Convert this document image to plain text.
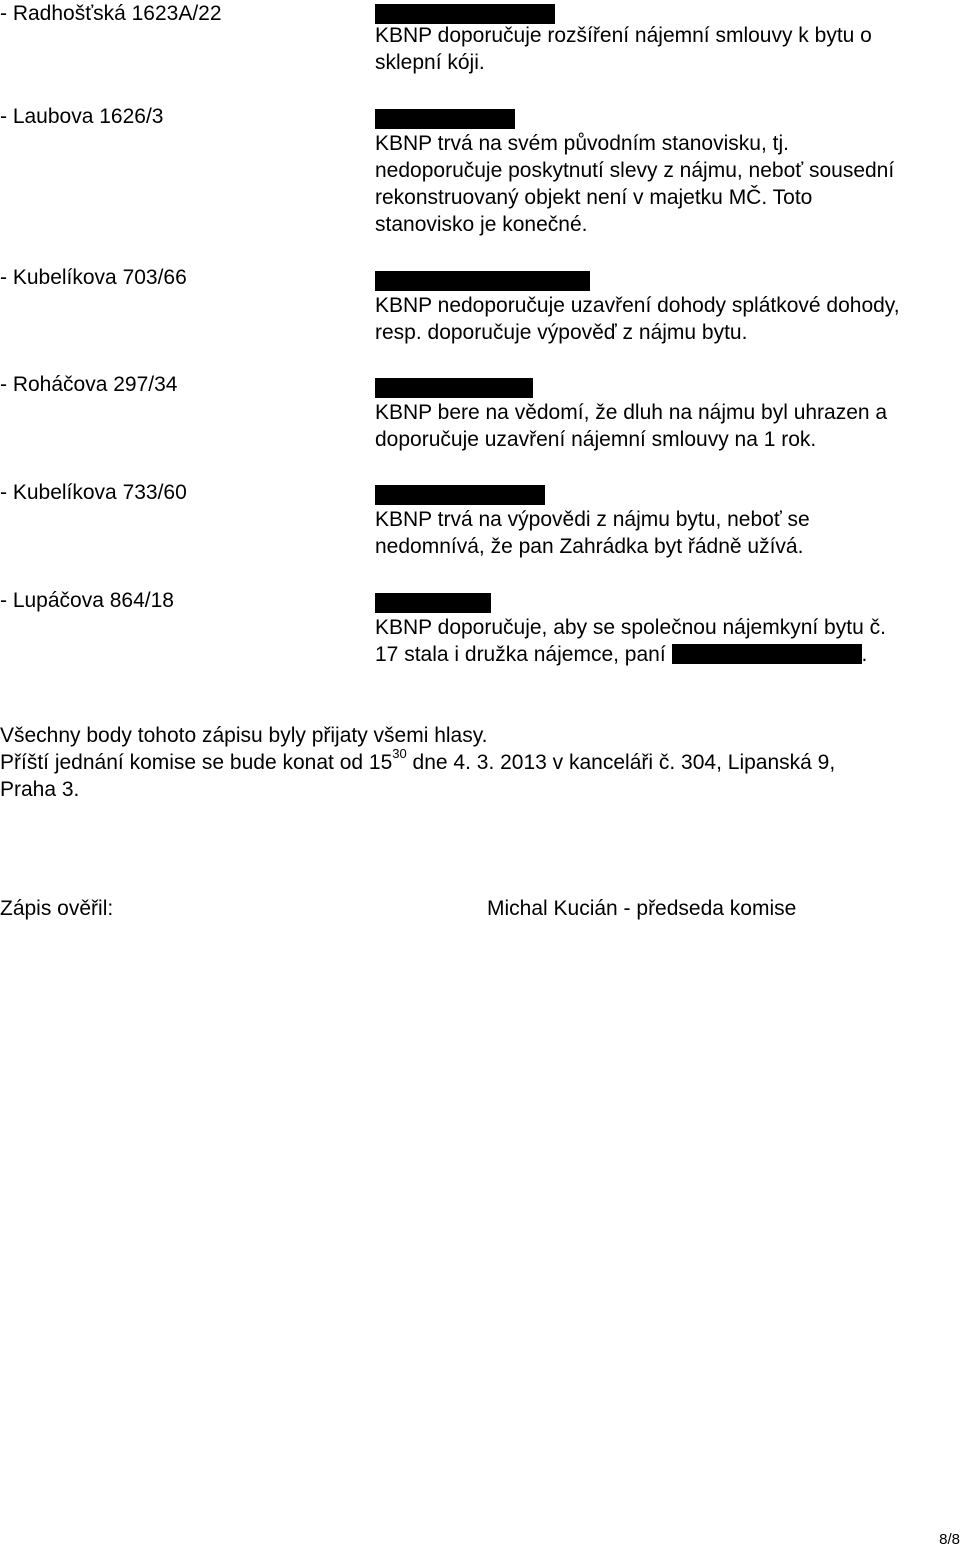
- Radhošťská 1623A/22
KBNP doporučuje rozšíření nájemní smlouvy k bytu o
sklepní kóji.
- Laubova 1626/3
KBNP trvá na svém původním stanovisku, tj.
nedoporučuje poskytnutí slevy z nájmu, neboť sousední
rekonstruovaný objekt není v majetku MČ. Toto
stanovisko je konečné.
- Kubelíkova 703/66
KBNP nedoporučuje uzavření dohody splátkové dohody,
resp. doporučuje výpověď z nájmu bytu.
- Roháčova 297/34
KBNP bere na vědomí, že dluh na nájmu byl uhrazen a
doporučuje uzavření nájemní smlouvy na 1 rok.
- Kubelíkova 733/60
KBNP trvá na výpovědi z nájmu bytu, neboť se
nedomnívá, že pan Zahrádka byt řádně užívá.
- Lupáčova 864/18
KBNP doporučuje, aby se společnou nájemkyní bytu č.
17 stala i družka nájemce, paní	.
Všechny body tohoto zápisu byly přijaty všemi hlasy.
Příští jednání komise se bude konat od $15^{30}$ dne 4. 3. 2013 v kanceláři č. 304, Lipanská 9,
Praha 3.
Zápis ověřil:	Michal Kucián - předseda komise
8/8
